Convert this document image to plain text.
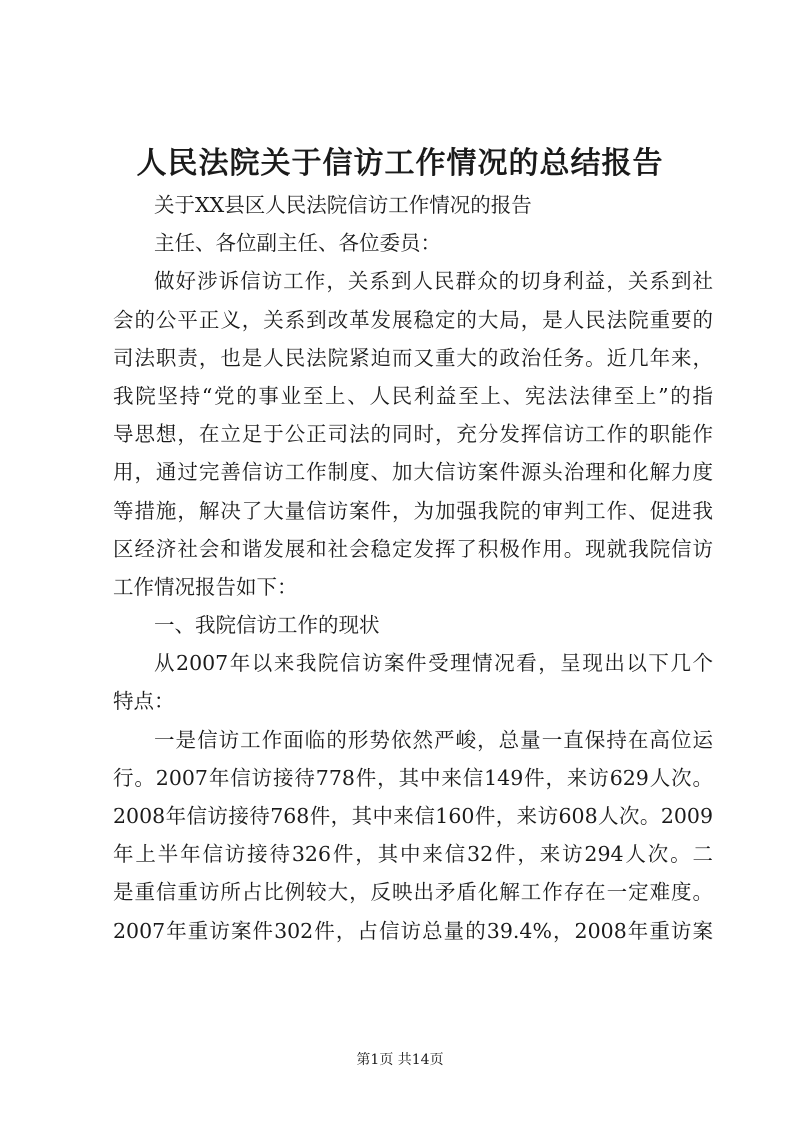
人民法院关于信访工作情况的总结报告
关于XX县区人民法院信访工作情况的报告
主任、各位副主任、各位委员：
做好涉诉信访工作，关系到人民群众的切身利益，关系到社
会的公平正义，关系到改革发展稳定的大局，是人民法院重要的
司法职责，也是人民法院紧迫而又重大的政治任务。近几年来，
我院坚持“党的事业至上、人民利益至上、宪法法律至上”的指
导思想，在立足于公正司法的同时，充分发挥信访工作的职能作
用，通过完善信访工作制度、加大信访案件源头治理和化解力度
等措施，解决了大量信访案件，为加强我院的审判工作、促进我
区经济社会和谐发展和社会稳定发挥了积极作用。现就我院信访
工作情况报告如下：
一、我院信访工作的现状
从2007年以来我院信访案件受理情况看，呈现出以下几个
特点：
一是信访工作面临的形势依然严峻，总量一直保持在高位运
行。2007年信访接待778件，其中来信149件，来访629人次。
2008年信访接待768件，其中来信160件，来访608人次。2009
年上半年信访接待326件，其中来信32件，来访294人次。二
是重信重访所占比例较大，反映出矛盾化解工作存在一定难度。
2007年重访案件302件，占信访总量的39.4%，2008年重访案
第1页 共14页
